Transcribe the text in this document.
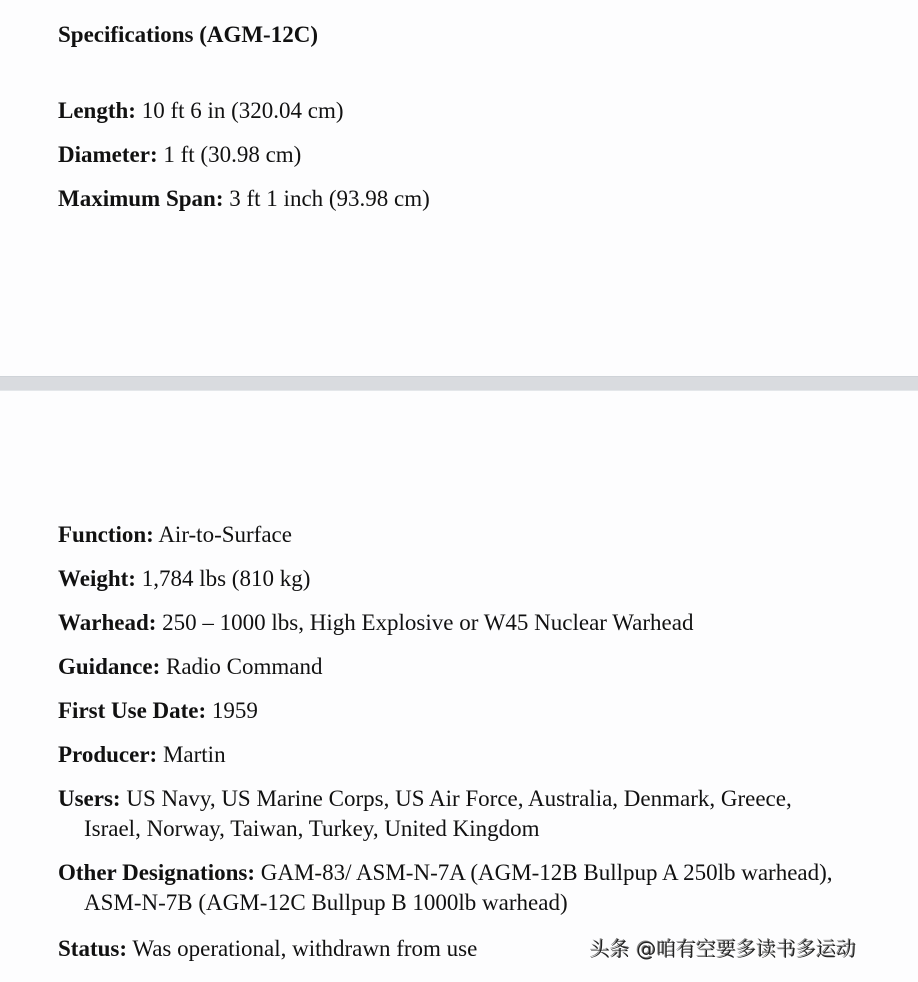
Specifications (AGM-12C)
Length: 10 ft 6 in (320.04 cm)
Diameter: 1 ft (30.98 cm)
Maximum Span: 3 ft 1 inch (93.98 cm)
Function: Air-to-Surface
Weight: 1,784 lbs (810 kg)
Warhead: 250 – 1000 lbs, High Explosive or W45 Nuclear Warhead
Guidance: Radio Command
First Use Date: 1959
Producer: Martin
Users: US Navy, US Marine Corps, US Air Force, Australia, Denmark, Greece, Israel, Norway, Taiwan, Turkey, United Kingdom
Other Designations: GAM-83/ ASM-N-7A (AGM-12B Bullpup A 250lb warhead), ASM-N-7B (AGM-12C Bullpup B 1000lb warhead)
Status: Was operational, withdrawn from use	头条 @咱有空要多读书多运动
